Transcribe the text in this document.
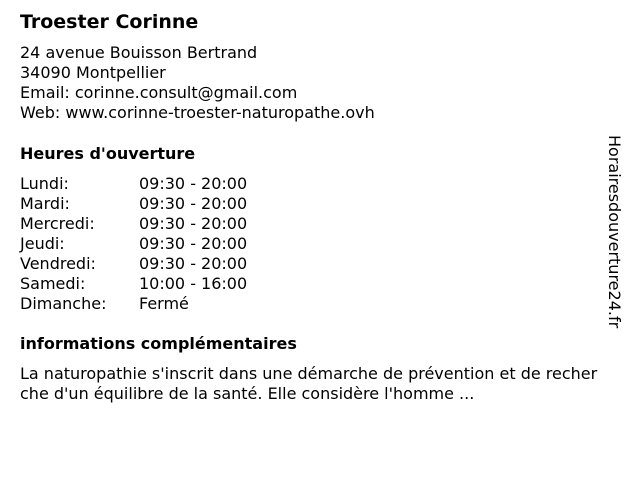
Troester Corinne
24 avenue Bouisson Bertrand
34090 Montpellier
Email: corinne.consult@gmail.com
Web: www.corinne-troester-naturopathe.ovh
Heures d'ouverture
Lundi:	09:30 - 20:00
Mardi:	09:30 - 20:00
Mercredi:	09:30 - 20:00
Jeudi:	09:30 - 20:00
Vendredi:	09:30 - 20:00
Samedi:	10:00 - 16:00
Dimanche: Fermé
informations complémentaires
La naturopathie s'inscrit dans une démarche de prévention et de recherche d'un équilibre de la santé. Elle considère l'homme ...
Horairesdouverture24.fr
